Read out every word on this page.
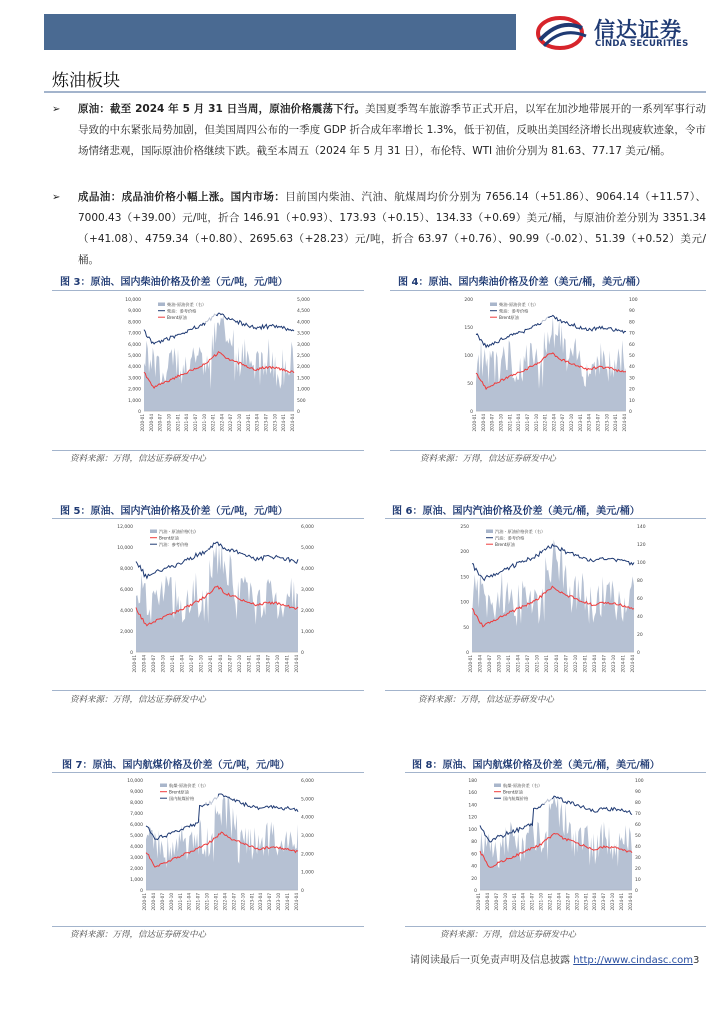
信达证券
CINDA SECURITIES
炼油板块
➢ 原油：截至 2024 年 5 月 31 日当周，原油价格震荡下行。美国夏季驾车旅游季节正式开启，以军在加沙地带展开的一系列军事行动导致的中东紧张局势加剧，但美国周四公布的一季度 GDP 折合成年率增长 1.3%，低于初值，反映出美国经济增长出现疲软迹象，令市场情绪悲观，国际原油价格继续下跌。截至本周五（2024 年 5 月 31 日），布伦特、WTI 油价分别为 81.63、77.17 美元/桶。
➢ 成品油：成品油价格小幅上涨。国内市场：目前国内柴油、汽油、航煤周均价分别为 7656.14（+51.86）、9064.14（+11.57）、7000.43（+39.00）元/吨，折合 146.91（+0.93）、173.93（+0.15）、134.33（+0.69）美元/桶，与原油价差分别为 3351.34（+41.08）、4759.34（+0.80）、2695.63（+28.23）元/吨，折合 63.97（+0.76）、90.99（-0.02）、51.39（+0.52）美元/桶。
图 3：原油、国内柴油价格及价差（元/吨，元/吨）
0
1,000
2,000
3,000
4,000
5,000
6,000
7,000
8,000
9,000
10,000
0
500
1,000
1,500
2,000
2,500
3,000
3,500
4,000
4,500
5,000
2020-01 2020-04 2020-07 2020-10 2021-01 2021-04 2021-07 2021-10 2022-01 2022-04 2022-07 2022-10 2023-01 2023-04 2023-07 2023-10 2024-01 2024-04
柴油-原油价差（右）
柴油：参考价格
Brent原油
资料来源：万得，信达证券研发中心
图 4：原油、国内柴油价格及价差（美元/桶，美元/桶）
0
50
100
150
200
0
10
20
30
40
50
60
70
80
90
100
2020-01 2020-04 2020-07 2020-10 2021-01 2021-04 2021-07 2021-10 2022-01 2022-04 2022-07 2022-10 2023-01 2023-04 2023-07 2023-10 2024-01 2024-04
柴油-原油价差（右）
柴油：参考价格
Brent原油
资料来源：万得，信达证券研发中心
图 5：原油、国内汽油价格及价差（元/吨，元/吨）
0
2,000
4,000
6,000
8,000
10,000
12,000
0
1,000
2,000
3,000
4,000
5,000
6,000
2020-01 2020-04 2020-07 2020-10 2021-01 2021-04 2021-07 2021-10 2022-01 2022-04 2022-07 2022-10 2023-01 2023-04 2023-07 2023-10 2024-01 2024-04
汽油 - 原油价格(右)
Brent原油
汽油：参考价格
资料来源：万得，信达证券研发中心
图 6：原油、国内汽油价格及价差（美元/桶，美元/桶）
0
50
100
150
200
250
0
20
40
60
80
100
120
140
2020-01 2020-04 2020-07 2020-10 2021-01 2021-04 2021-07 2021-10 2022-01 2022-04 2022-07 2022-10 2023-01 2023-04 2023-07 2023-10 2024-01 2024-04
汽油 - 原油价格价差（右）
汽油：参考价格
Brent原油
资料来源：万得，信达证券研发中心
图 7：原油、国内航煤价格及价差（元/吨，元/吨）
0
1,000
2,000
3,000
4,000
5,000
6,000
7,000
8,000
9,000
10,000
0
1,000
2,000
3,000
4,000
5,000
6,000
2020-01 2020-04 2020-07 2020-10 2021-01 2021-04 2021-07 2021-10 2022-01 2022-04 2022-07 2022-10 2023-01 2023-04 2023-07 2023-10 2024-01 2024-04
航煤-原油价差（右）
Brent原油
国内航煤价格
资料来源：万得，信达证券研发中心
图 8：原油、国内航煤价格及价差（美元/桶，美元/桶）
0
20
40
60
80
100
120
140
160
180
0
10
20
30
40
50
60
70
80
90
100
2020-01 2020-04 2020-07 2020-10 2021-01 2021-04 2021-07 2021-10 2022-01 2022-04 2022-07 2022-10 2023-01 2023-04 2023-07 2023-10 2024-01 2024-04
航煤-原油价差（右）
Brent原油
国内航煤价格
资料来源：万得，信达证券研发中心
请阅读最后一页免责声明及信息披露 http://www.cindasc.com3
